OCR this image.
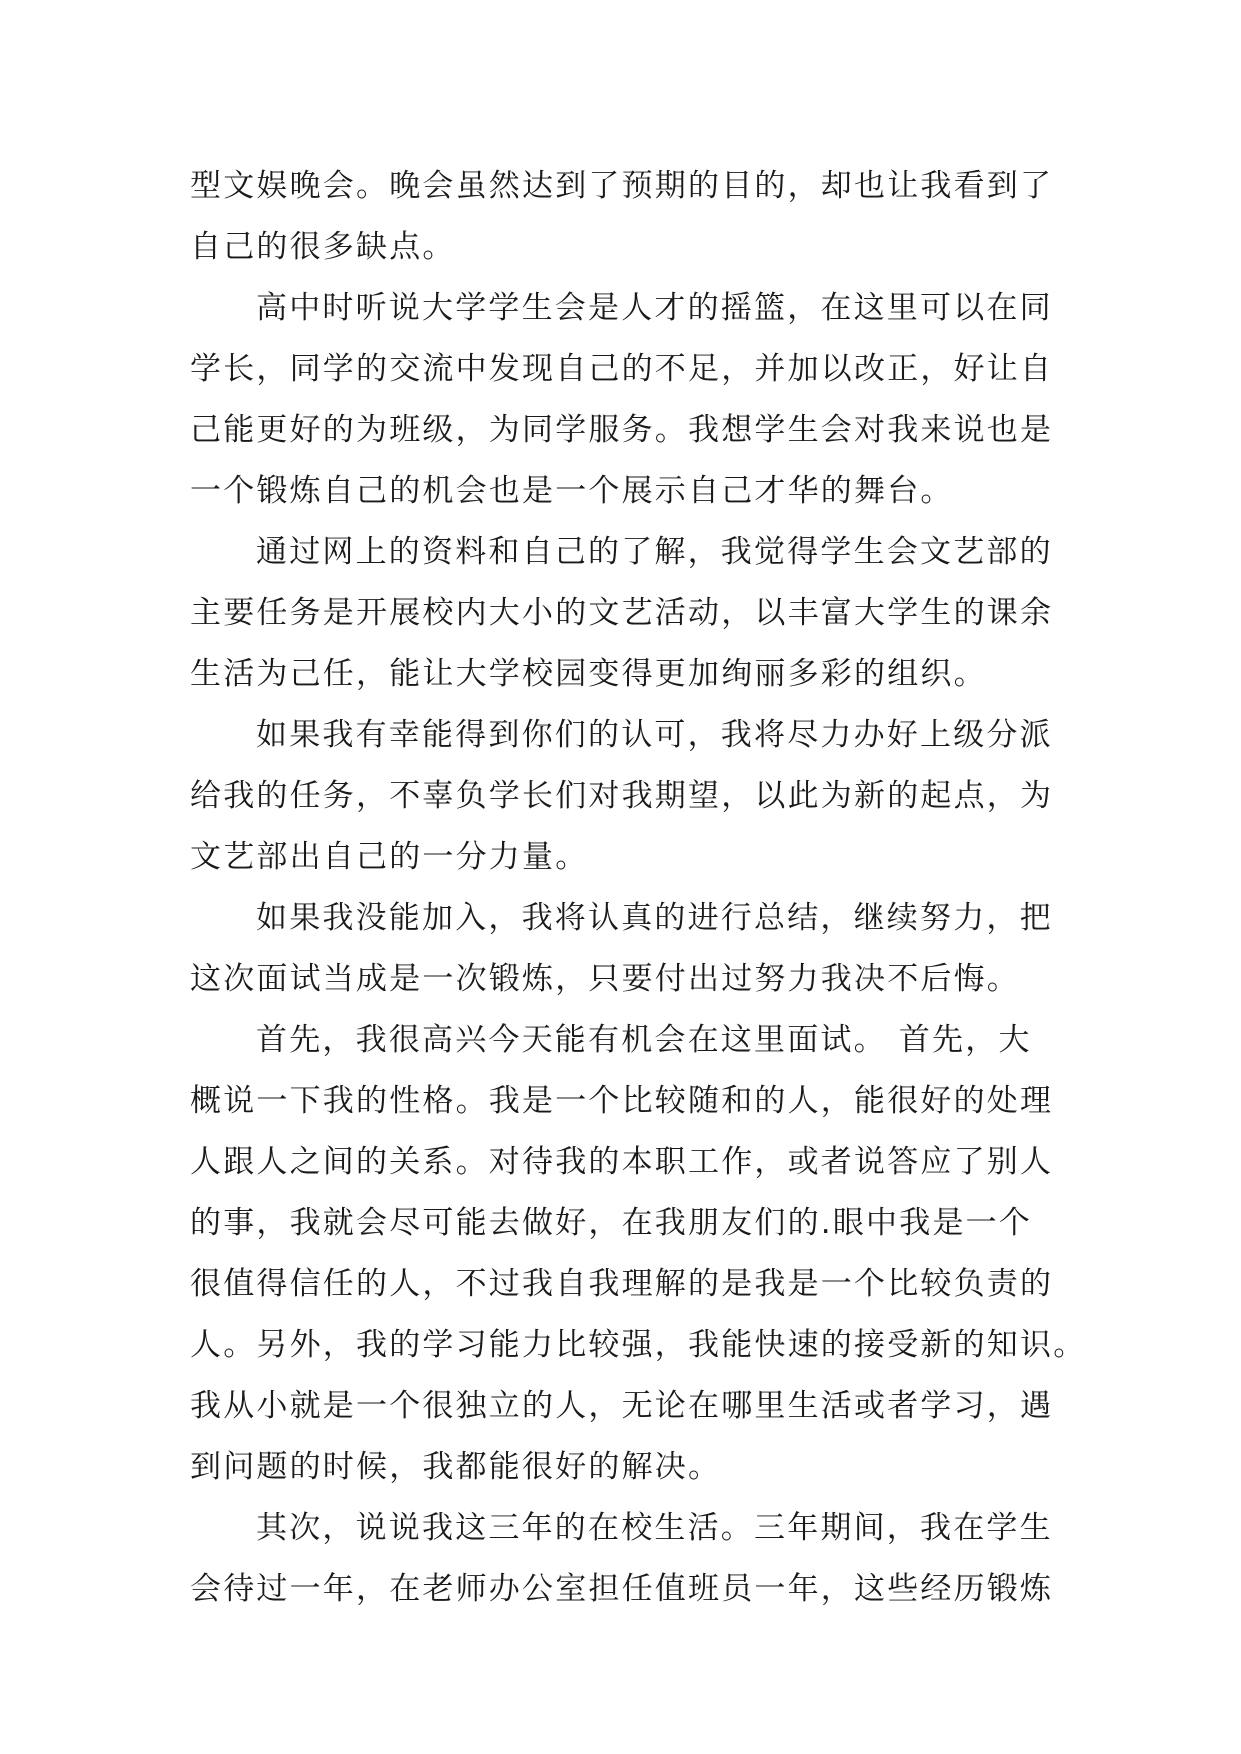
型文娱晚会。晚会虽然达到了预期的目的，却也让我看到了
自己的很多缺点。
高中时听说大学学生会是人才的摇篮，在这里可以在同
学长，同学的交流中发现自己的不足，并加以改正，好让自
己能更好的为班级，为同学服务。我想学生会对我来说也是
一个锻炼自己的机会也是一个展示自己才华的舞台。
通过网上的资料和自己的了解，我觉得学生会文艺部的
主要任务是开展校内大小的文艺活动，以丰富大学生的课余
生活为己任，能让大学校园变得更加绚丽多彩的组织。
如果我有幸能得到你们的认可，我将尽力办好上级分派
给我的任务，不辜负学长们对我期望，以此为新的起点，为
文艺部出自己的一分力量。
如果我没能加入，我将认真的进行总结，继续努力，把
这次面试当成是一次锻炼，只要付出过努力我决不后悔。
首先，我很高兴今天能有机会在这里面试。 首先，大
概说一下我的性格。我是一个比较随和的人，能很好的处理
人跟人之间的关系。对待我的本职工作，或者说答应了别人
的事，我就会尽可能去做好，在我朋友们的.眼中我是一个
很值得信任的人，不过我自我理解的是我是一个比较负责的
人。另外，我的学习能力比较强，我能快速的接受新的知识。
我从小就是一个很独立的人，无论在哪里生活或者学习，遇
到问题的时候，我都能很好的解决。
其次，说说我这三年的在校生活。三年期间，我在学生
会待过一年，在老师办公室担任值班员一年，这些经历锻炼
